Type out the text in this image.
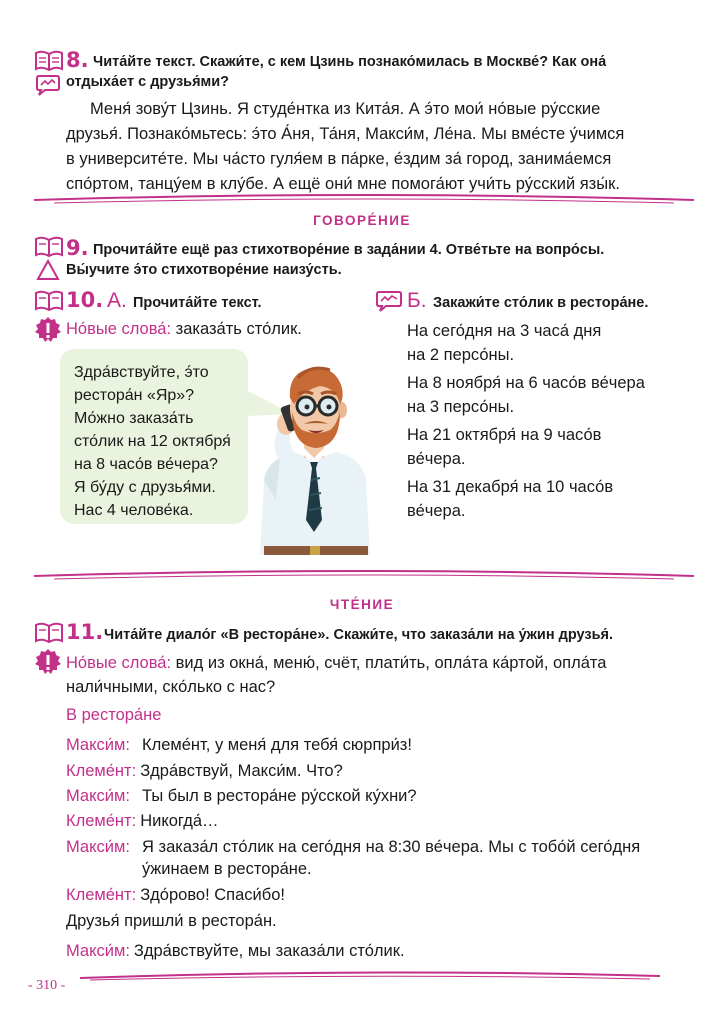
8. Чита́йте текст. Скажи́те, с кем Цзинь познако́милась в Москве́? Как она́
отдыха́ет с друзья́ми?
Меня́ зову́т Цзинь. Я студе́нтка из Кита́я. А э́то мои́ но́вые ру́сские
друзья́. Познако́мьтесь: э́то А́ня, Та́ня, Макси́м, Ле́на. Мы вме́сте у́чимся
в университе́те. Мы ча́сто гуля́ем в па́рке, е́здим за́ город, занима́емся
спо́ртом, танцу́ем в клу́бе. А ещё они́ мне помога́ют учи́ть ру́сский язы́к.
ГОВОРЕ́НИЕ
9. Прочита́йте ещё раз стихотворе́ние в зада́нии 4. Отве́тьте на вопро́сы.
Вы́учите э́то стихотворе́ние наизу́сть.
10. А. Прочита́йте текст.
Но́вые слова́: заказа́ть сто́лик.
Здра́вствуйте, э́то
рестора́н «Яр»?
Мо́жно заказа́ть
сто́лик на 12 октября́
на 8 часо́в ве́чера?
Я бу́ду с друзья́ми.
Нас 4 челове́ка.
Б. Закажи́те сто́лик в рестора́не.
На сего́дня на 3 часа́ дня
на 2 персо́ны.
На 8 ноября́ на 6 часо́в ве́чера
на 3 персо́ны.
На 21 октября́ на 9 часо́в
ве́чера.
На 31 декабря́ на 10 часо́в
ве́чера.
ЧТЕ́НИЕ
11. Чита́йте диало́г «В рестора́не». Скажи́те, что заказа́ли на у́жин друзья́.
Но́вые слова́: вид из окна́, меню́, счёт, плати́ть, опла́та ка́ртой, опла́та
нали́чными, ско́лько с нас?
В рестора́не
Макси́м: Клеме́нт, у меня́ для тебя́ сюрпри́з!
Клеме́нт: Здра́вствуй, Макси́м. Что?
Макси́м: Ты был в рестора́не ру́сской ку́хни?
Клеме́нт: Никогда́…
Макси́м: Я заказа́л сто́лик на сего́дня на 8:30 ве́чера. Мы с тобо́й сего́дня
у́жинаем в рестора́не.
Клеме́нт: Здо́рово! Спаси́бо!
Друзья́ пришли́ в рестора́н.
Макси́м: Здра́вствуйте, мы заказа́ли сто́лик.
- 310 -
